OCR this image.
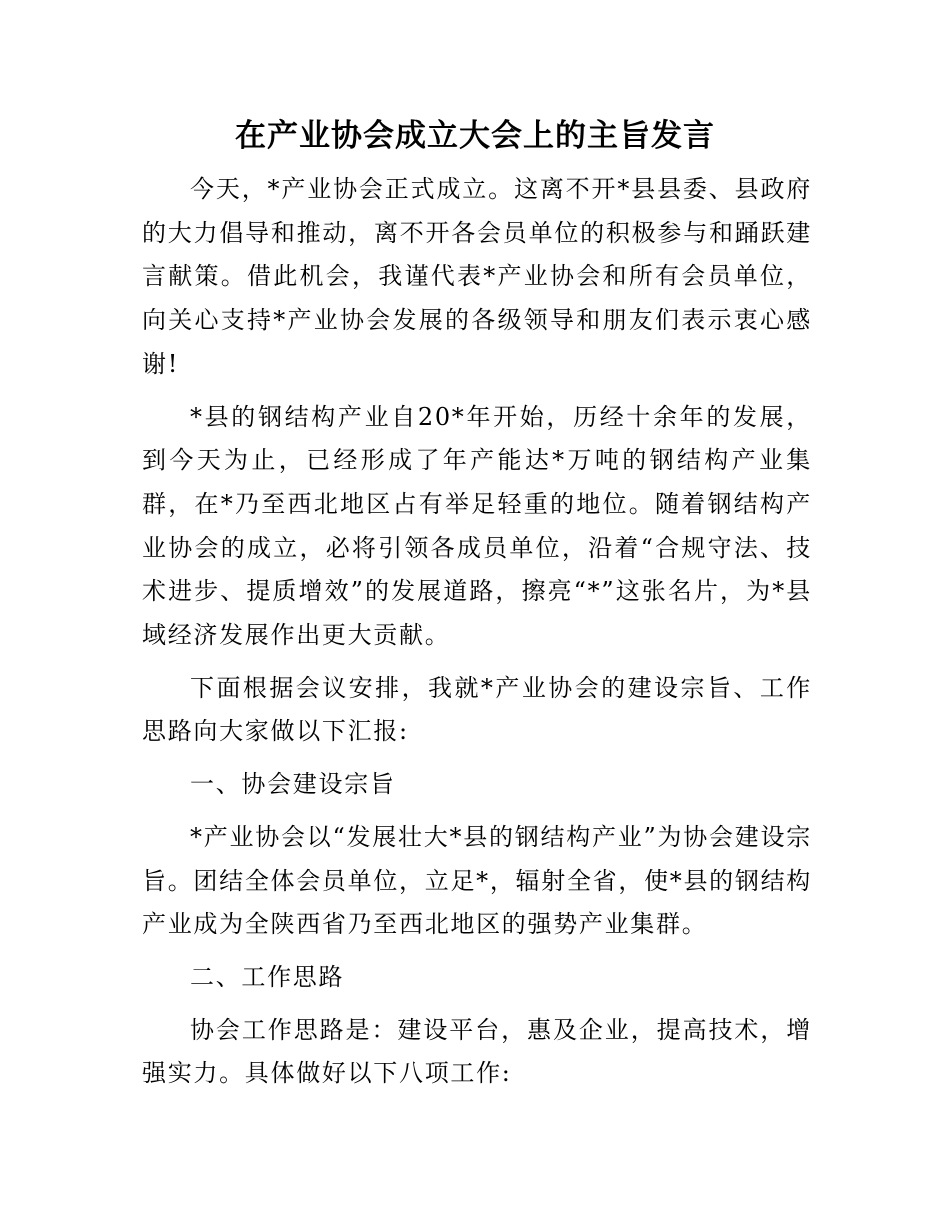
在产业协会成立大会上的主旨发言

今天，*产业协会正式成立。这离不开*县县委、县政府的大力倡导和推动，离不开各会员单位的积极参与和踊跃建言献策。借此机会，我谨代表*产业协会和所有会员单位，向关心支持*产业协会发展的各级领导和朋友们表示衷心感谢!

*县的钢结构产业自20*年开始，历经十余年的发展，到今天为止，已经形成了年产能达*万吨的钢结构产业集群，在*乃至西北地区占有举足轻重的地位。随着钢结构产业协会的成立，必将引领各成员单位，沿着“合规守法、技术进步、提质增效”的发展道路，擦亮“*”这张名片，为*县域经济发展作出更大贡献。

下面根据会议安排，我就*产业协会的建设宗旨、工作思路向大家做以下汇报:

一、协会建设宗旨

*产业协会以“发展壮大*县的钢结构产业”为协会建设宗旨。团结全体会员单位，立足*，辐射全省，使*县的钢结构产业成为全陕西省乃至西北地区的强势产业集群。

二、工作思路

协会工作思路是：建设平台，惠及企业，提高技术，增强实力。具体做好以下八项工作:
